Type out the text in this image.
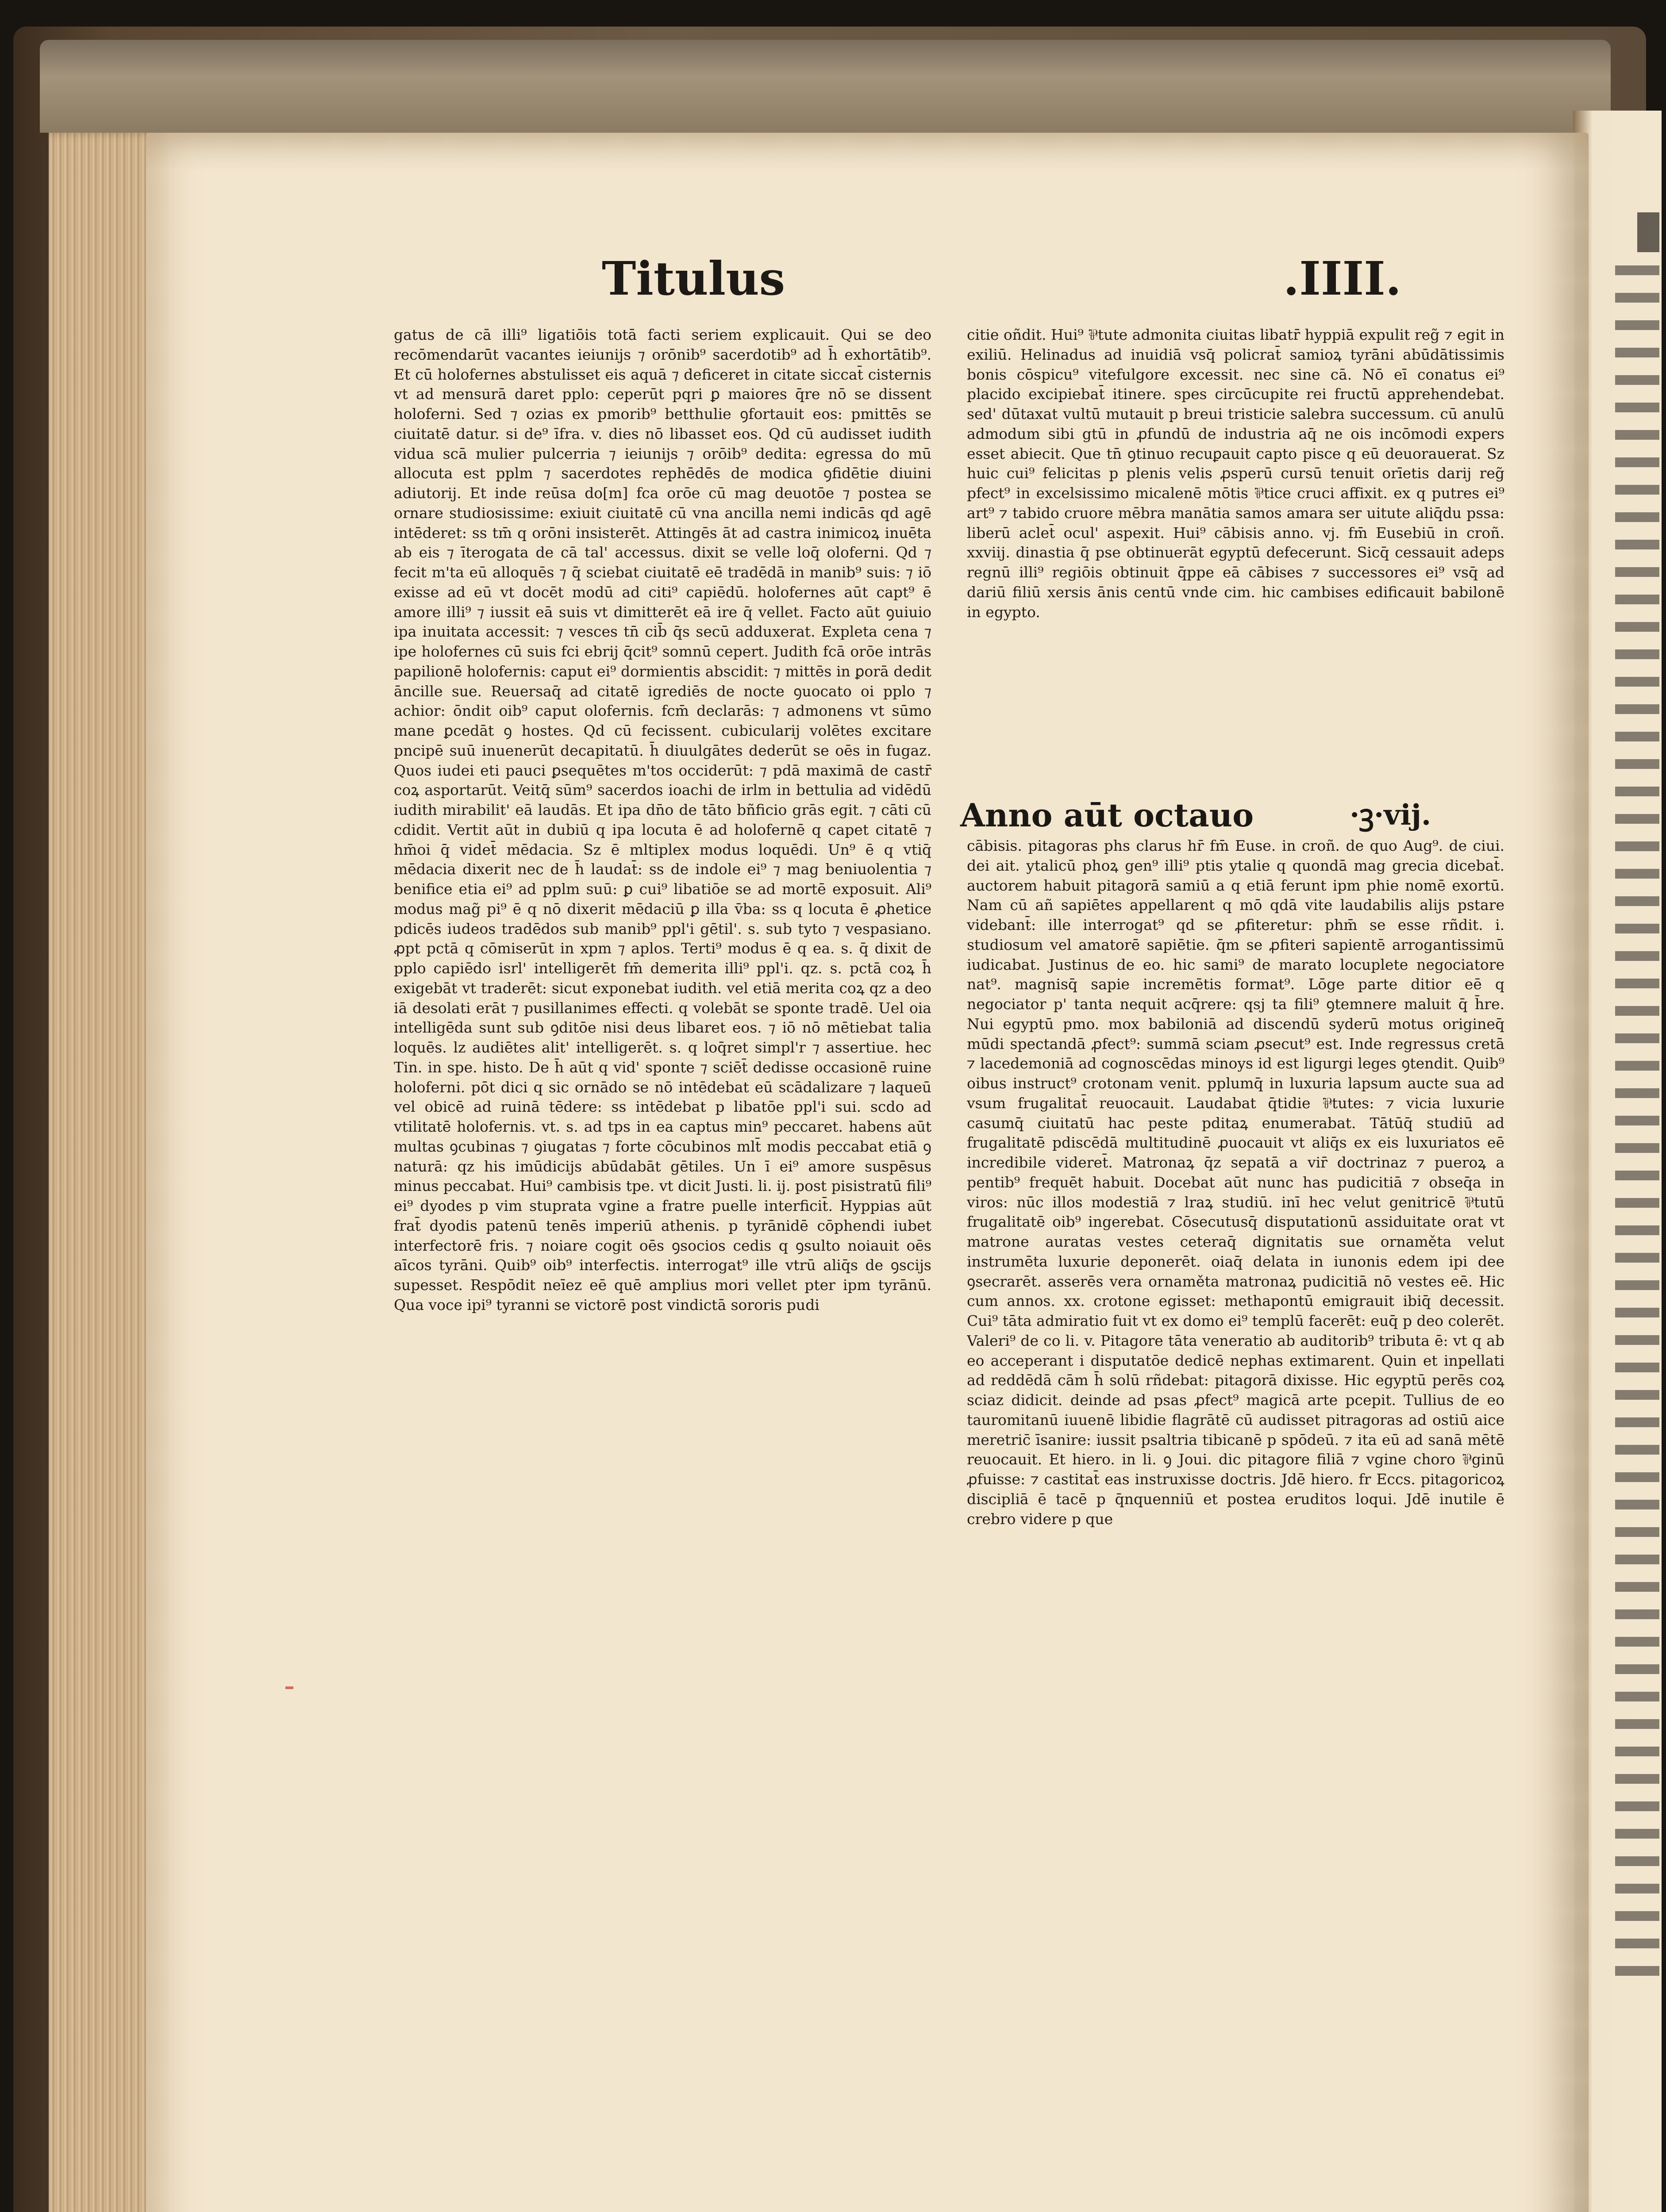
Titulus	.IIII.
gatus de cā illi⁹ ligatiōis totā facti seriem explicauit. Qui se deo recōmendarūt vacantes ieiunijs ⁊ orōnib⁹ sacerdotib⁹ ad h̄ exhortātib⁹. Et cū holofernes abstulisset eis aquā ⁊ deficeret in citate siccat̄ cisternis vt ad mensurā daret pplo: ceperūt pqri ꝑ maiores q̄re nō se dissent holoferni. Sed ⁊ ozias ex pmorib⁹ betthulie ꝯfortauit eos: pmittēs se ciuitatē datur. si de⁹ īfra. v. dies nō libasset eos. Qd cū audisset iudith vidua scā mulier pulcerria ⁊ ieiunijs ⁊ orōib⁹ dedita: egressa do mū allocuta est pplm ⁊ sacerdotes rephēdēs de modica ꝯfidētie diuini adiutorij. Et inde reūsa do[m] fca orōe cū mag deuotōe ⁊ postea se ornare studiosissime: exiuit ciuitatē cū vna ancilla nemi indicās qd agē intēderet: ss tm̄ q orōni insisterēt. Attingēs āt ad castra inimicoꝝ inuēta ab eis ⁊ īterogata de cā tal' accessus. dixit se velle loq̄ oloferni. Qd ⁊ fecit m'ta eū alloquēs ⁊ q̄ sciebat ciuitatē eē tradēdā in manib⁹ suis: ⁊ iō exisse ad eū vt docēt modū ad citi⁹ capiēdū. holofernes aūt capt⁹ ē amore illi⁹ ⁊ iussit eā suis vt dimitterēt eā ire q̄ vellet. Facto aūt ꝯuiuio ipa inuitata accessit: ⁊ vesces tn̄ cib̄ q̄s secū adduxerat. Expleta cena ⁊ ipe holofernes cū suis fci ebrij q̄cit⁹ somnū cepert. Judith fcā orōe intrās papilionē holofernis: caput ei⁹ dormientis abscidit: ⁊ mittēs in ꝑorā dedit āncille sue. Reuersaq̄ ad citatē igrediēs de nocte ꝯuocato oi pplo ⁊ achior: ōndit oib⁹ caput olofernis. fcm̄ declarās: ⁊ admonens vt sūmo mane ꝑcedāt ꝯ hostes. Qd cū fecissent. cubicularij volētes excitare pncipē suū inuenerūt decapitatū. h̄ diuulgātes dederūt se oēs in fugaz. Quos iudei eti pauci ꝑsequētes m'tos occiderūt: ⁊ pdā maximā de castr̄ coꝝ asportarūt. Veitq̄ sūm⁹ sacerdos ioachi de irlm in bettulia ad vidēdū iudith mirabilit' eā laudās. Et ipa dn̄o de tāto bñficio grās egit. ⁊ cāti cū cdidit. Vertit aūt in dubiū q ipa locuta ē ad holofernē q capet citatē ⁊ hm̄oi q̄ videt̄ mēdacia. Sz ē mltiplex modus loquēdi. Un⁹ ē q vtiq̄ mēdacia dixerit nec de h̄ laudat̄: ss de indole ei⁹ ⁊ mag beniuolentia ⁊ benifice etia ei⁹ ad pplm suū: ꝑ cui⁹ libatiōe se ad mortē exposuit. Ali⁹ modus mag̃ pi⁹ ē q nō dixerit mēdaciū ꝑ illa v̄ba: ss q locuta ē ꝓhetice pdicēs iudeos tradēdos sub manib⁹ ppl'i gētil'. s. sub tyto ⁊ vespasiano. ꝓpt pctā q cōmiserūt in xpm ⁊ aplos. Terti⁹ modus ē q ea. s. q̄ dixit de pplo capiēdo isrl' intelligerēt fm̄ demerita illi⁹ ppl'i. qz. s. pctā coꝝ h̄ exigebāt vt traderēt: sicut exponebat iudith. vel etiā merita coꝝ qz a deo iā desolati erāt ⁊ pusillanimes effecti. q volebāt se sponte tradē. Uel oia intelligēda sunt sub ꝯditōe nisi deus libaret eos. ⁊ iō nō mētiebat talia loquēs. lz audiētes alit' intelligerēt. s. q loq̄ret simpl'r ⁊ assertiue. hec Tin. in spe. histo. De h̄ aūt q vid' sponte ⁊ sciēt̄ dedisse occasionē ruine holoferni. pōt dici q sic ornādo se nō intēdebat eū scādalizare ⁊ laqueū vel obicē ad ruinā tēdere: ss intēdebat p libatōe ppl'i sui. scdo ad vtilitatē holofernis. vt. s. ad tps in ea captus min⁹ peccaret. habens aūt multas ꝯcubinas ⁊ ꝯiugatas ⁊ forte cōcubinos mlt̄ modis peccabat etiā ꝯ naturā: qz his imūdicijs abūdabāt gētiles. Un ī ei⁹ amore suspēsus minus peccabat. Hui⁹ cambisis tpe. vt dicit Justi. li. ij. post pisistratū fili⁹ ei⁹ dyodes p vim stuprata vgine a fratre puelle interficit̄. Hyppias aūt frat̄ dyodis patenū tenēs imperiū athenis. p tyrānidē cōphendi iubet interfectorē fris. ⁊ noiare cogit oēs ꝯsocios cedis q ꝯsulto noiauit oēs aīcos tyrāni. Quib⁹ oib⁹ interfectis. interrogat⁹ ille vtrū aliq̄s de ꝯscijs supesset. Respōdit neīez eē quē amplius mori vellet pter ipm tyrānū. Qua voce ipi⁹ tyranni se victorē post vindictā sororis pudi
citie oñdit. Hui⁹ ⅌tute admonita ciuitas libatr̄ hyppiā expulit reg̃ ⁊ egit in exiliū. Helinadus ad inuidiā vsq̄ policrat̄ samioꝝ tyrāni abūdātissimis bonis cōspicu⁹ vitefulgore excessit. nec sine cā. Nō eī conatus ei⁹ placido excipiebat̄ itinere. spes circūcupite rei fructū apprehendebat. sed' dūtaxat vultū mutauit p breui tristicie salebra successum. cū anulū admodum sibi gtū in ꝓfundū de industria aq̄ ne ois incōmodi expers esset abiecit. Que tn̄ ꝯtinuo recuꝑauit capto pisce q eū deuorauerat. Sz huic cui⁹ felicitas p plenis velis ꝓsperū cursū tenuit orīetis darij reg̃ pfect⁹ in excelsissimo micalenē mōtis ⅌tice cruci affixit. ex q putres ei⁹ art⁹ ⁊ tabido cruore mēbra manātia samos amara ser uitute aliq̄du pssa: liberū aclet̄ ocul' aspexit. Hui⁹ cābisis anno. vj. fm̄ Eusebiū in croñ. xxviij. dinastia q̄ pse obtinuerāt egyptū defecerunt. Sicq̄ cessauit adeps regnū illi⁹ regiōis obtinuit q̄ppe eā cābises ⁊ successores ei⁹ vsq̄ ad dariū filiū xersis ānis centū vnde cim. hic cambises edificauit babilonē in egypto.
Anno aūt octauo	·ꝫ·vij.
cābisis. pitagoras phs clarus hr̄ fm̄ Euse. in croñ. de quo Aug⁹. de ciui. dei ait. ytalicū phoꝝ gen⁹ illi⁹ ptis ytalie q quondā mag grecia dicebat̄. auctorem habuit pitagorā samiū a q etiā ferunt ipm phie nomē exortū. Nam cū añ sapiētes appellarent q mō qdā vite laudabilis alijs pstare videbant̄: ille interrogat⁹ qd se ꝓfiteretur: phm̄ se esse rñdit. i. studiosum vel amatorē sapiētie. q̄m se ꝓfiteri sapientē arrogantissimū iudicabat. Justinus de eo. hic sami⁹ de marato locuplete negociatore nat⁹. magnisq̄ sapie incremētis format⁹. Lōge parte ditior eē q negociator p' tanta nequit acq̄rere: qsj ta fili⁹ ꝯtemnere maluit q̄ h̄re. Nui egyptū pmo. mox babiloniā ad discendū syderū motus origineq̄ mūdi spectandā ꝓfect⁹: summā sciam ꝓsecut⁹ est. Inde regressus cretā ⁊ lacedemoniā ad cognoscēdas minoys id est ligurgi leges ꝯtendit. Quib⁹ oibus instruct⁹ crotonam venit. pplumq̄ in luxuria lapsum aucte sua ad vsum frugalitat̄ reuocauit. Laudabat q̄tidie ⅌tutes: ⁊ vicia luxurie casumq̄ ciuitatū hac peste pditaꝝ enumerabat. Tātūq̄ studiū ad frugalitatē pdiscēdā multitudinē ꝓuocauit vt aliq̄s ex eis luxuriatos eē incredibile videret̄. Matronaꝝ q̄z sepatā a vir̄ doctrinaz ⁊ pueroꝝ a pentib⁹ frequēt habuit. Docebat aūt nunc has pudicitiā ⁊ obseq̄a in viros: nūc illos modestiā ⁊ lraꝝ studiū. inī hec velut genitricē ⅌tutū frugalitatē oib⁹ ingerebat. Cōsecutusq̄ disputationū assiduitate orat vt matrone auratas vestes ceteraq̄ dignitatis sue ornaměta velut instrumēta luxurie deponerēt. oiaq̄ delata in iunonis edem ipi dee ꝯsecrarēt. asserēs vera ornaměta matronaꝝ pudicitiā nō vestes eē. Hic cum annos. xx. crotone egisset: methapontū emigrauit ibiq̄ decessit. Cui⁹ tāta admiratio fuit vt ex domo ei⁹ templū facerēt: euq̄ p deo colerēt. Valeri⁹ de co li. v. Pitagore tāta veneratio ab auditorib⁹ tributa ē: vt q ab eo acceperant i disputatōe dedicē nephas extimarent. Quin et inpellati ad reddēdā cām h̄ solū rñdebat: pitagorā dixisse. Hic egyptū perēs coꝝ sciaz didicit. deinde ad psas ꝓfect⁹ magicā arte pcepit. Tullius de eo tauromitanū iuuenē libidie flagrātē cū audisset pitragoras ad ostiū aice meretric̄ īsanire: iussit psaltria tibicanē p spōdeū. ⁊ ita eū ad sanā mētē reuocauit. Et hiero. in li. ꝯ Joui. dic pitagore filiā ⁊ vgine choro ⅌ginū ꝓfuisse: ⁊ castitat̄ eas instruxisse doctris. Jdē hiero. fr Eccs. pitagoricoꝝ discipliā ē tacē p q̄nquenniū et postea eruditos loqui. Jdē inutile ē crebro videre p que
